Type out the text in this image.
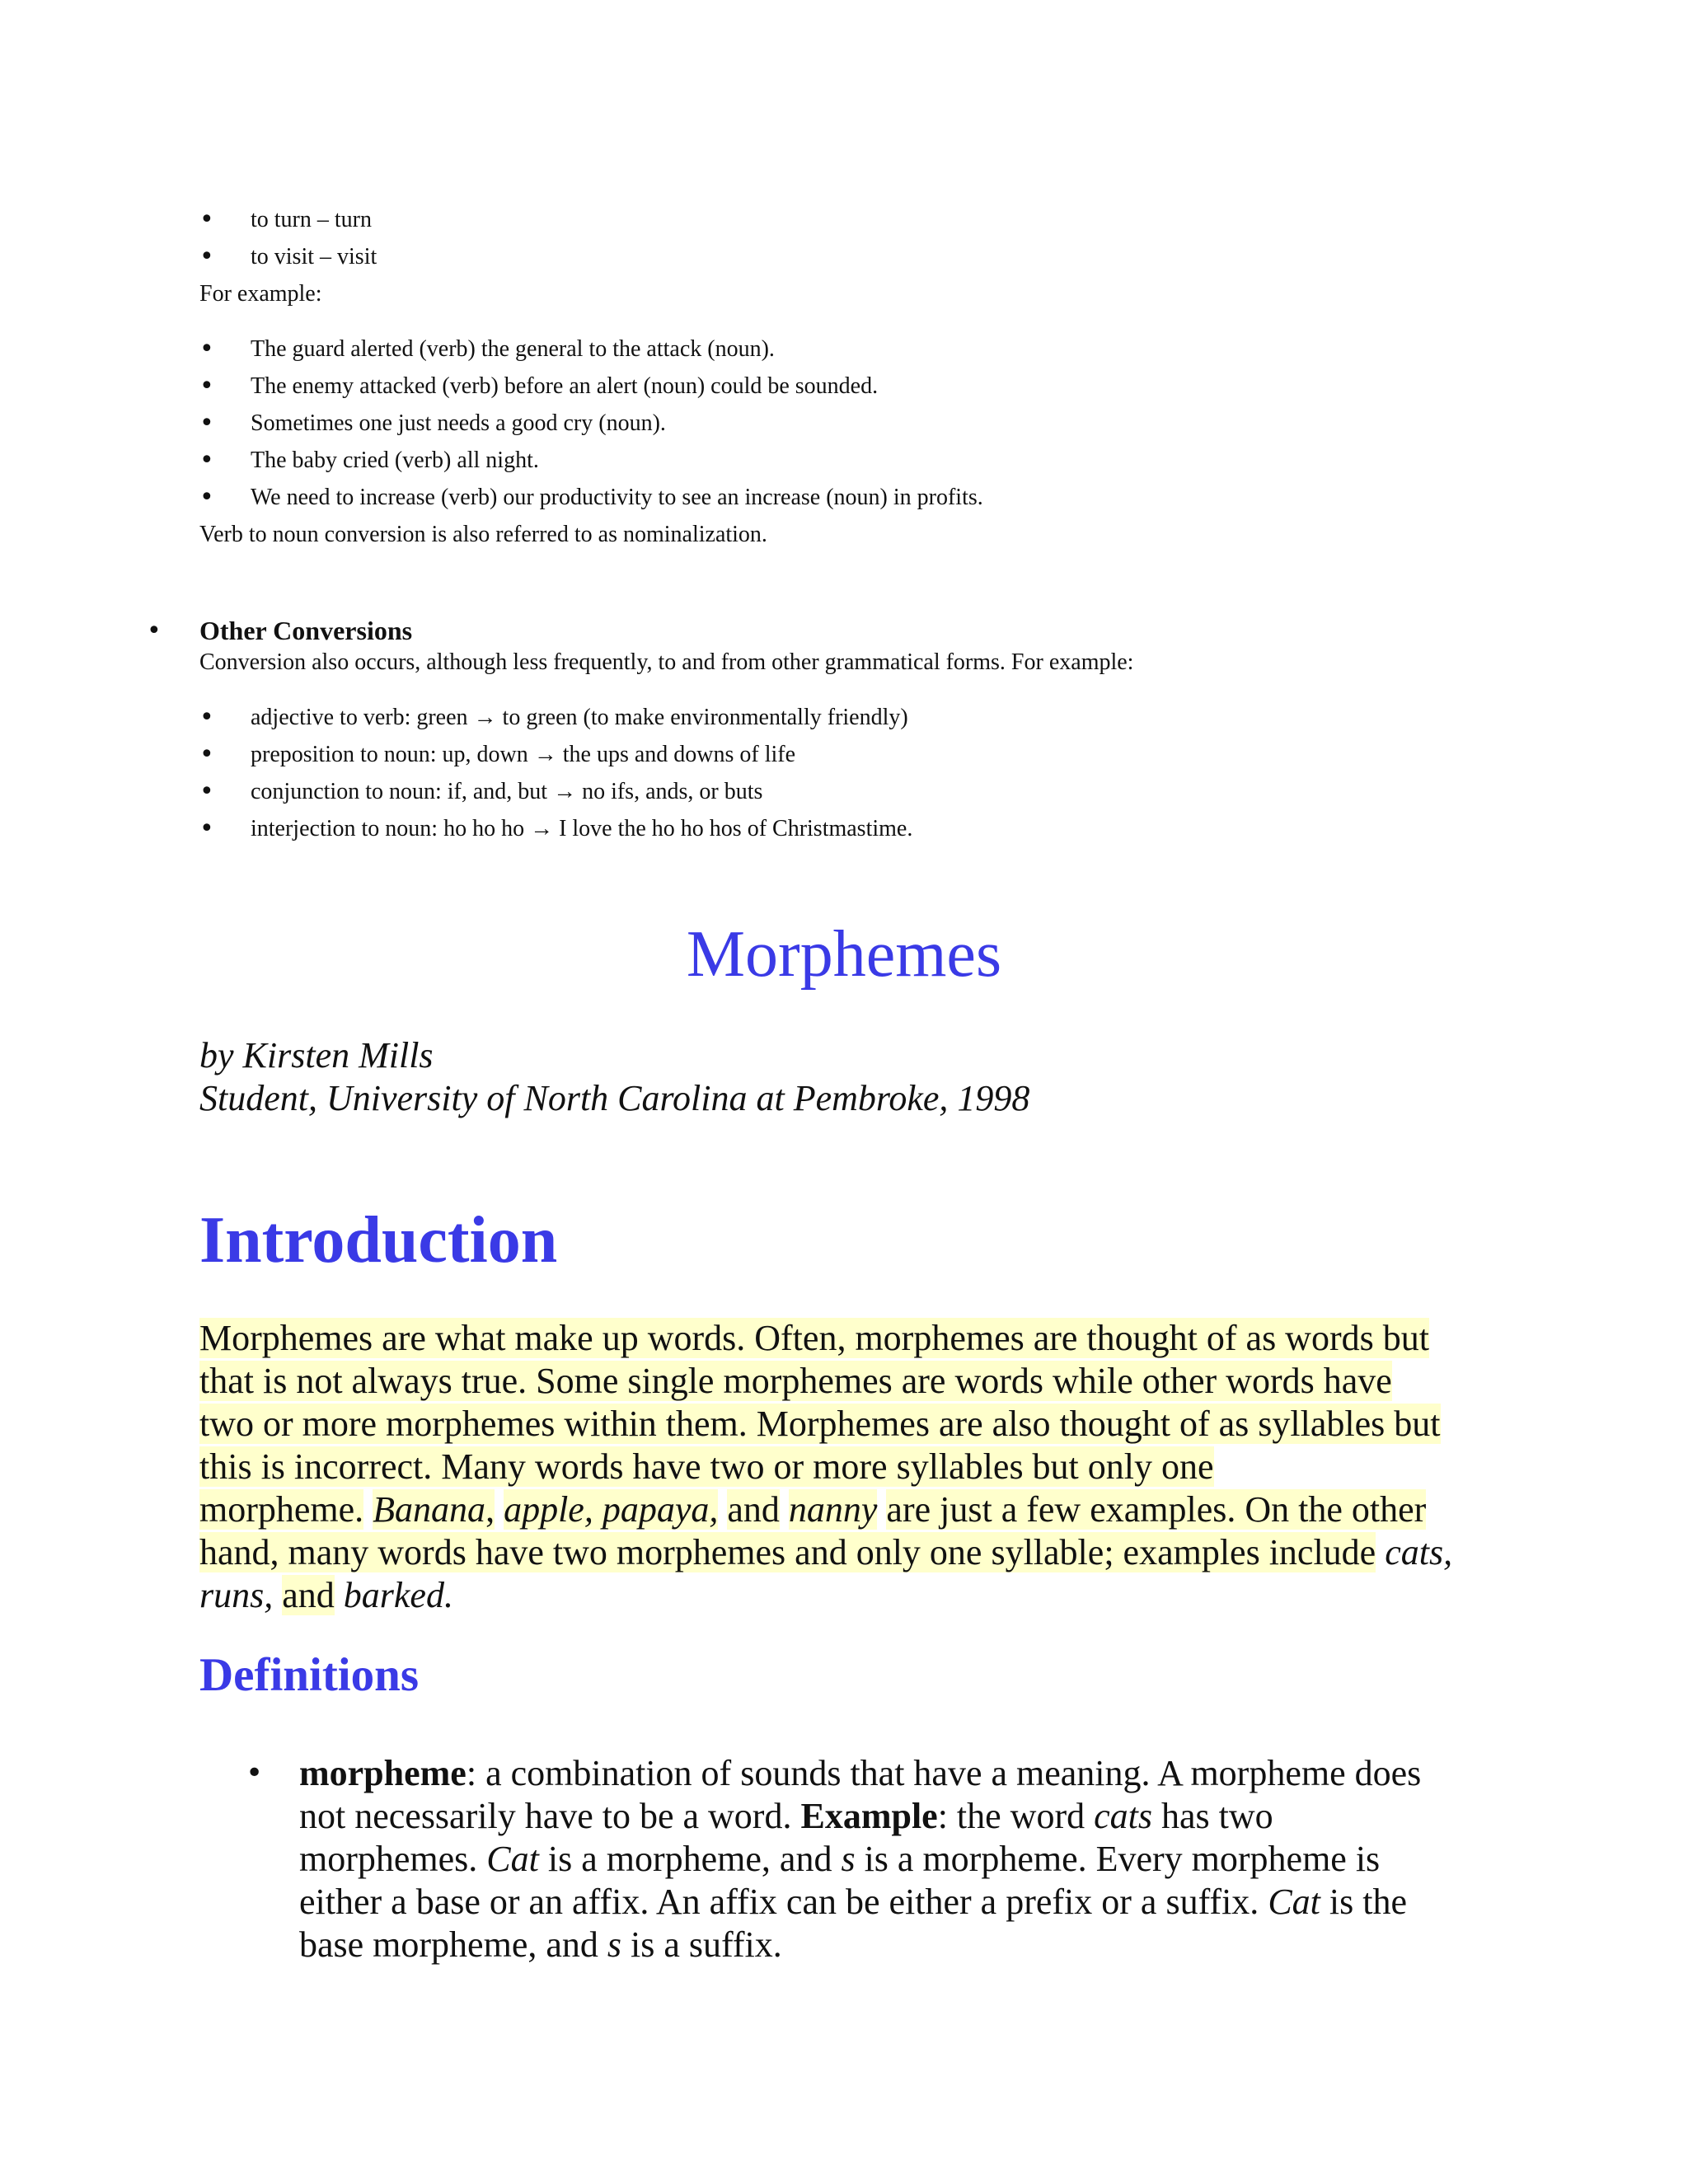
• to turn – turn
• to visit – visit

For example:

• The guard alerted (verb) the general to the attack (noun).
• The enemy attacked (verb) before an alert (noun) could be sounded.
• Sometimes one just needs a good cry (noun).
• The baby cried (verb) all night.
• We need to increase (verb) our productivity to see an increase (noun) in profits.

Verb to noun conversion is also referred to as nominalization.

• Other Conversions

Conversion also occurs, although less frequently, to and from other grammatical forms. For example:

• adjective to verb: green → to green (to make environmentally friendly)
• preposition to noun: up, down → the ups and downs of life
• conjunction to noun: if, and, but → no ifs, ands, or buts
• interjection to noun: ho ho ho → I love the ho ho hos of Christmastime.
Morphemes
by Kirsten Mills
Student, University of North Carolina at Pembroke, 1998
Introduction
Morphemes are what make up words. Often, morphemes are thought of as words but
that is not always true. Some single morphemes are words while other words have
two or more morphemes within them. Morphemes are also thought of as syllables but
this is incorrect. Many words have two or more syllables but only one
morpheme. Banana, apple, papaya, and nanny are just a few examples. On the other
hand, many words have two morphemes and only one syllable; examples include cats,
runs, and barked.
Definitions
• morpheme: a combination of sounds that have a meaning. A morpheme does
not necessarily have to be a word. Example: the word cats has two
morphemes. Cat is a morpheme, and s is a morpheme. Every morpheme is
either a base or an affix. An affix can be either a prefix or a suffix. Cat is the
base morpheme, and s is a suffix.
